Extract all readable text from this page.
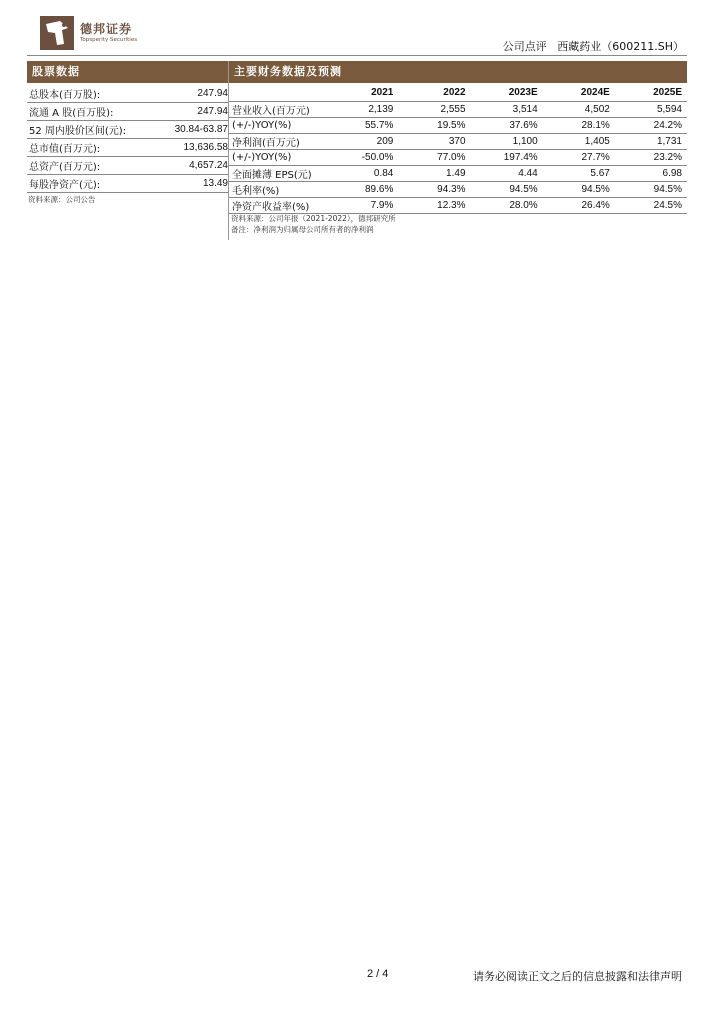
德邦证券
Topsperity Securities	公司点评 西藏药业（600211.SH）
股票数据	主要财务数据及预测
总股本(百万股):	247.94
流通 A 股(百万股):	247.94
52 周内股价区间(元):	30.84-63.87
总市值(百万元):	13,636.58
总资产(百万元):	4,657.24
每股净资产(元):	13.49
资料来源：公司公告
	2021	2022	2023E	2024E	2025E
营业收入(百万元)	2,139	2,555	3,514	4,502	5,594
(+/-)YOY(%)	55.7%	19.5%	37.6%	28.1%	24.2%
净利润(百万元)	209	370	1,100	1,405	1,731
(+/-)YOY(%)	-50.0%	77.0%	197.4%	27.7%	23.2%
全面摊薄 EPS(元)	0.84	1.49	4.44	5.67	6.98
毛利率(%)	89.6%	94.3%	94.5%	94.5%	94.5%
净资产收益率(%)	7.9%	12.3%	28.0%	26.4%	24.5%
资料来源：公司年报（2021-2022），德邦研究所
备注：净利润为归属母公司所有者的净利润
2 / 4	请务必阅读正文之后的信息披露和法律声明
